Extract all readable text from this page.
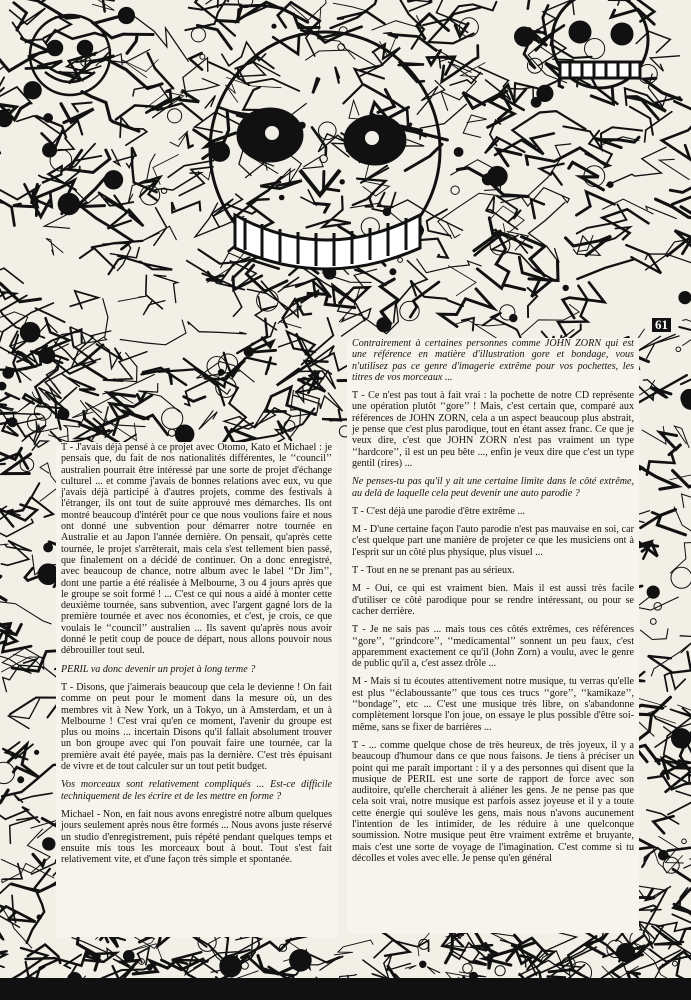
61

T - J'avais déjà pensé à ce projet avec Otomo, Kato et Michael : je pensais que, du fait de nos nationalités différentes, le ‘‘council’’ australien pourrait être intéressé par une sorte de projet d'échange culturel ... et comme j'avais de bonnes relations avec eux, vu que j'avais déjà participé à d'autres projets, comme des festivals à l'étranger, ils ont tout de suite approuvé mes démarches. Ils ont montré beaucoup d'intérêt pour ce que nous voulions faire et nous ont donné une subvention pour démarrer notre tournée en Australie et au Japon l'année dernière. On pensait, qu'après cette tournée, le projet s'arrêterait, mais cela s'est tellement bien passé, que finalement on a décidé de continuer. On a donc enregistré, avec beaucoup de chance, notre album avec le label ‘‘Dr Jim’’, dont une partie a été réalisée à Melbourne, 3 ou 4 jours après que le groupe se soit formé ! ... C'est ce qui nous a aidé à monter cette deuxième tournée, sans subvention, avec l'argent gagné lors de la première tournée et avec nos économies, et c'est, je crois, ce que voulais le ‘‘council’’ australien ... Ils savent qu'après nous avoir donné le petit coup de pouce de départ, nous allons pouvoir nous débrouiller tout seul.

PERIL va donc devenir un projet à long terme ?

T - Disons, que j'aimerais beaucoup que cela le devienne ! On fait comme on peut pour le moment dans la mesure où, un des membres vit à New York, un à Tokyo, un à Amsterdam, et un à Melbourne ! C'est vrai qu'en ce moment, l'avenir du groupe est plus ou moins ... incertain Disons qu'il fallait absolument trouver un bon groupe avec qui l'on pouvait faire une tournée, car la première avait été payée, mais pas la dernière. C'est très épuisant de vivre et de tout calculer sur un tout petit budget.

Vos morceaux sont relativement compliqués ... Est-ce difficile techniquement de les écrire et de les mettre en forme ?

Michael - Non, en fait nous avons enregistré notre album quelques jours seulement après nous être formés ... Nous avons juste réservé un studio d'enregistrement, puis répété pendant quelques temps et ensuite mis tous les morceaux bout à bout. Tout s'est fait relativement vite, et d'une façon très simple et spontanée.

Contrairement à certaines personnes comme JOHN ZORN qui est une référence en matière d'illustration gore et bondage, vous n'utilisez pas ce genre d'imagerie extrême pour vos pochettes, les titres de vos morceaux ...

T - Ce n'est pas tout à fait vrai : la pochette de notre CD représente une opération plutôt ‘‘gore’’ ! Mais, c'est certain que, comparé aux références de JOHN ZORN, cela a un aspect beaucoup plus abstrait, je pense que c'est plus parodique, tout en étant assez franc. Ce que je veux dire, c'est que JOHN ZORN n'est pas vraiment un type ‘‘hardcore’’, il est un peu bête ..., enfin je veux dire que c'est un type gentil (rires) ...

Ne penses-tu pas qu'il y ait une certaine limite dans le côté extrême, au delà de laquelle cela peut devenir une auto parodie ?

T - C'est déjà une parodie d'être extrême ...

M - D'une certaine façon l'auto parodie n'est pas mauvaise en soi, car c'est quelque part une manière de projeter ce que les musiciens ont à l'esprit sur un côté plus physique, plus visuel ...

T - Tout en ne se prenant pas au sérieux.

M - Oui, ce qui est vraiment bien. Mais il est aussi très facile d'utiliser ce côté parodique pour se rendre intéressant, ou pour se cacher derrière.

T - Je ne sais pas ... mais tous ces côtés extrêmes, ces références ‘‘gore’’, ‘‘grindcore’’, ‘‘medicamental’’ sonnent un peu faux, c'est apparemment exactement ce qu'il (John Zorn) a voulu, avec le genre de public qu'il a, c'est assez drôle ...

M - Mais si tu écoutes attentivement notre musique, tu verras qu'elle est plus ‘‘éclaboussante’’ que tous ces trucs ‘‘gore’’, ‘‘kamikaze’’, ‘‘bondage’’, etc ... C'est une musique très libre, on s'abandonne complètement lorsque l'on joue, on essaye le plus possible d'être soi-même, sans se fixer de barrières ...

T - ... comme quelque chose de très heureux, de très joyeux, il y a beaucoup d'humour dans ce que nous faisons. Je tiens à préciser un point qui me paraît important : il y a des personnes qui disent que la musique de PERIL est une sorte de rapport de force avec son auditoire, qu'elle chercherait à aliéner les gens. Je ne pense pas que cela soit vrai, notre musique est parfois assez joyeuse et il y a toute cette énergie qui soulève les gens, mais nous n'avons aucunement l'intention de les intimider, de les réduire à une quelconque soumission. Notre musique peut être vraiment extrême et bruyante, mais c'est une sorte de voyage de l'imagination. C'est comme si tu décolles et voles avec elle. Je pense qu'en général
